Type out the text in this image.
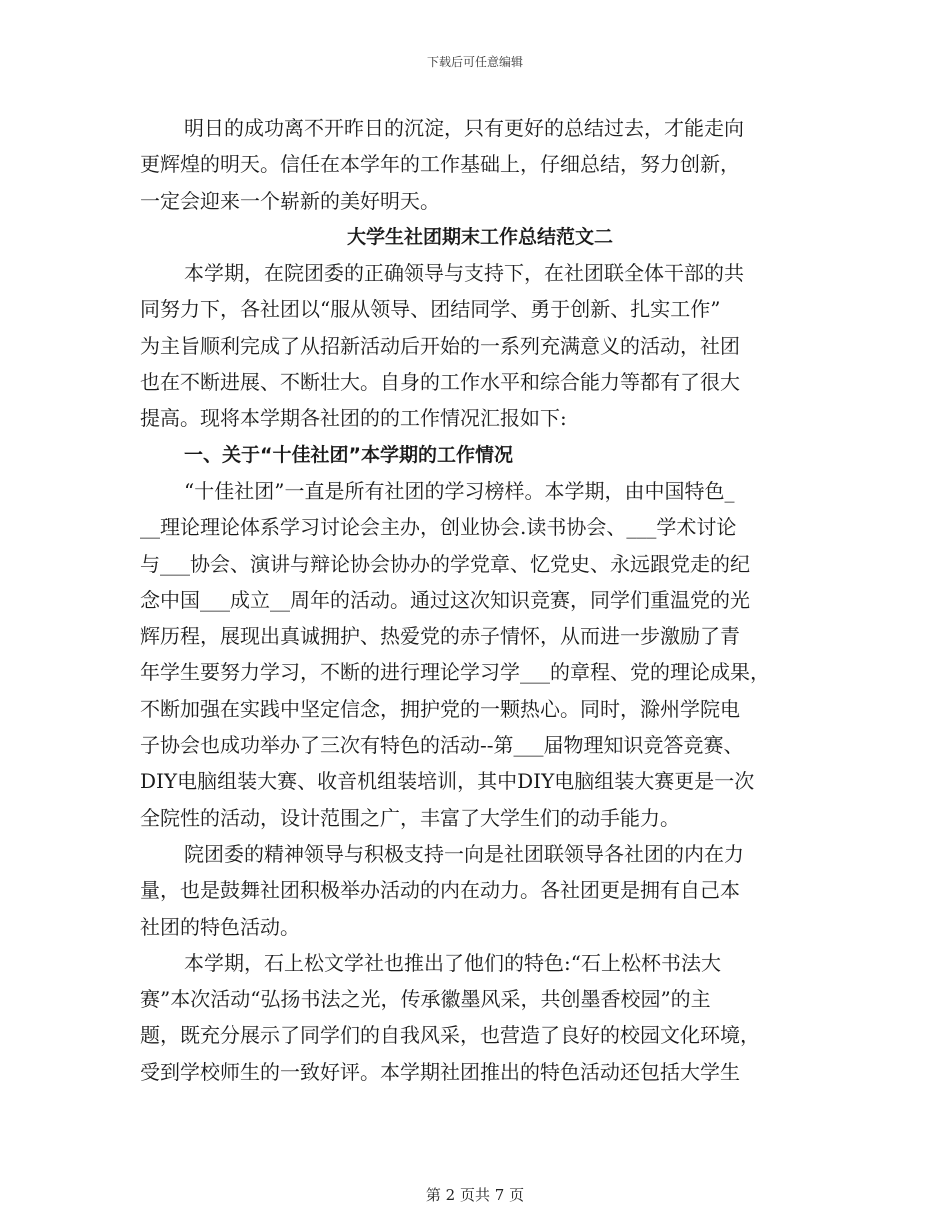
下载后可任意编辑
明日的成功离不开昨日的沉淀，只有更好的总结过去，才能走向
更辉煌的明天。信任在本学年的工作基础上，仔细总结，努力创新，
一定会迎来一个崭新的美好明天。
大学生社团期末工作总结范文二
本学期，在院团委的正确领导与支持下，在社团联全体干部的共
同努力下，各社团以“服从领导、团结同学、勇于创新、扎实工作”
为主旨顺利完成了从招新活动后开始的一系列充满意义的活动，社团
也在不断进展、不断壮大。自身的工作水平和综合能力等都有了很大
提高。现将本学期各社团的的工作情况汇报如下:
一、关于“十佳社团”本学期的工作情况
“十佳社团”一直是所有社团的学习榜样。本学期，由中国特色_
__理论理论体系学习讨论会主办，创业协会.读书协会、___学术讨论
与___协会、演讲与辩论协会协办的学党章、忆党史、永远跟党走的纪
念中国___成立__周年的活动。通过这次知识竞赛，同学们重温党的光
辉历程，展现出真诚拥护、热爱党的赤子情怀，从而进一步激励了青
年学生要努力学习，不断的进行理论学习学___的章程、党的理论成果，
不断加强在实践中坚定信念，拥护党的一颗热心。同时，滁州学院电
子协会也成功举办了三次有特色的活动--第___届物理知识竞答竞赛、
DIY电脑组装大赛、收音机组装培训，其中DIY电脑组装大赛更是一次
全院性的活动，设计范围之广，丰富了大学生们的动手能力。
院团委的精神领导与积极支持一向是社团联领导各社团的内在力
量，也是鼓舞社团积极举办活动的内在动力。各社团更是拥有自己本
社团的特色活动。
本学期，石上松文学社也推出了他们的特色:“石上松杯书法大
赛”本次活动“弘扬书法之光，传承徽墨风采，共创墨香校园”的主
题，既充分展示了同学们的自我风采，也营造了良好的校园文化环境，
受到学校师生的一致好评。本学期社团推出的特色活动还包括大学生
第 2 页共 7 页
